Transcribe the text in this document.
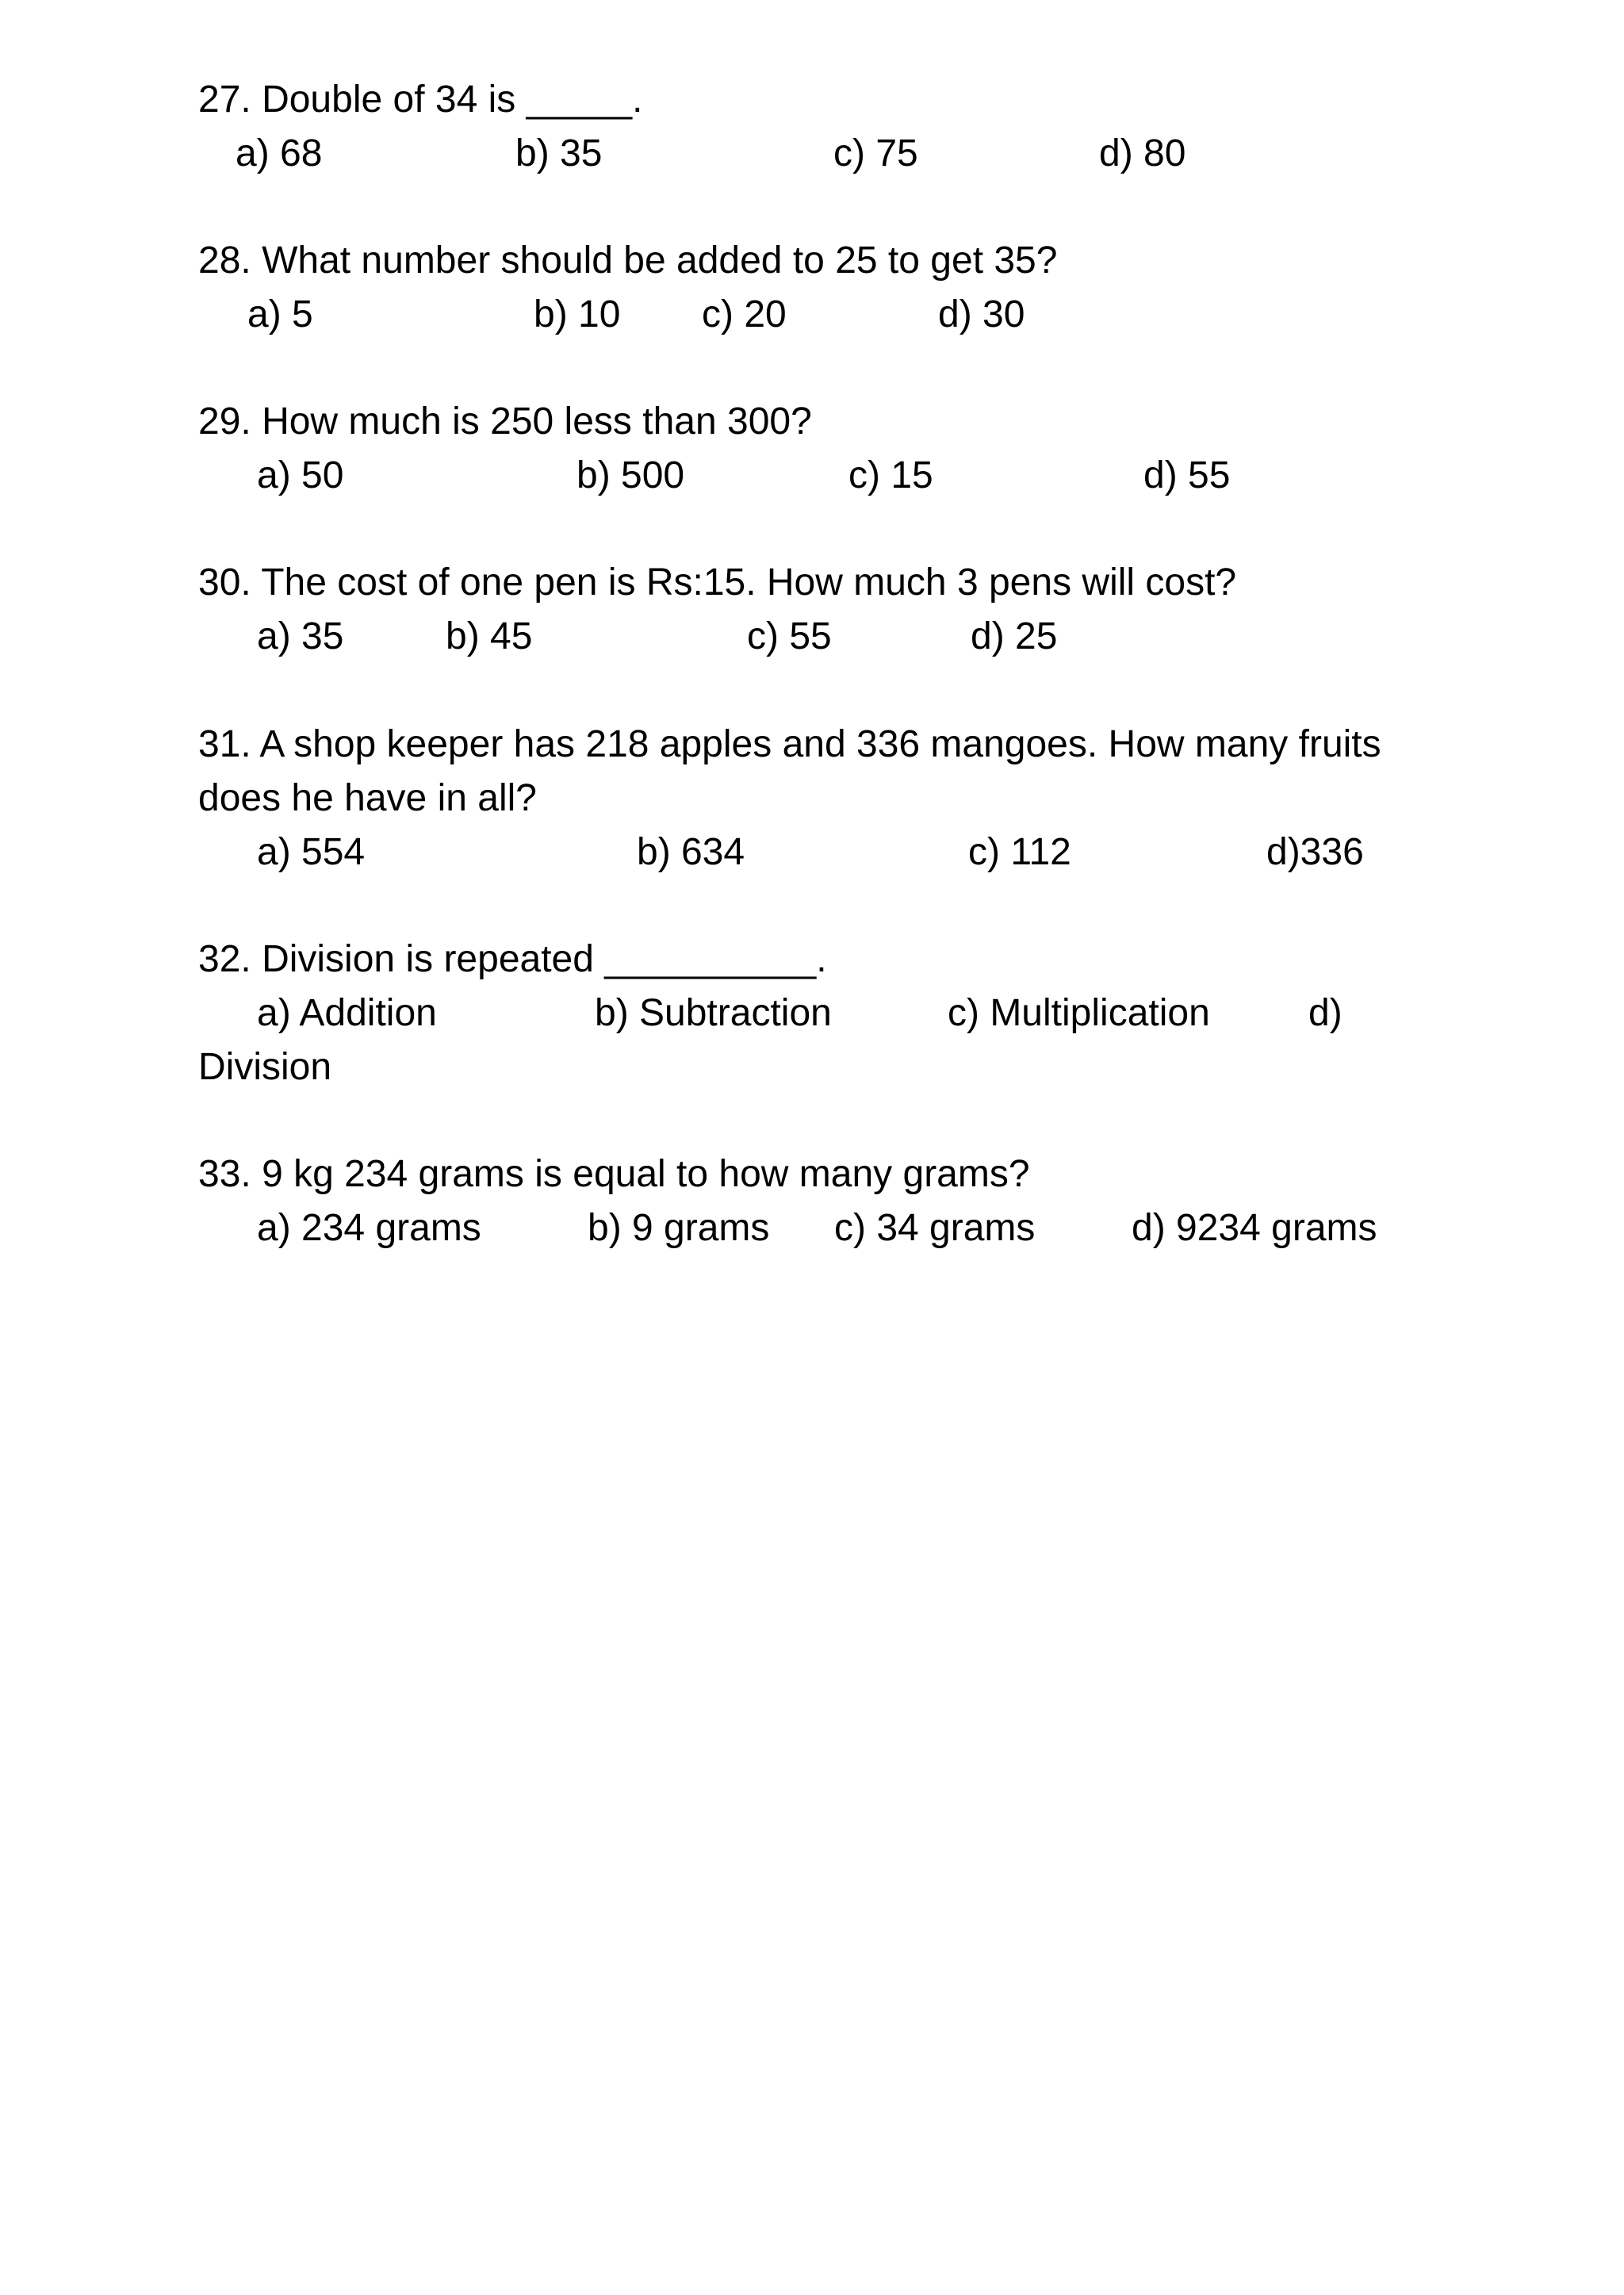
27. Double of 34 is _____.
a) 68	b) 35	c) 75	d) 80
28. What number should be added to 25 to get 35?
a) 5	b) 10 c) 20	d) 30
29. How much is 250 less than 300?
a) 50	b) 500	c) 15	d) 55
30. The cost of one pen is Rs:15. How much 3 pens will cost?
a) 35	b) 45	c) 55	d) 25
31. A shop keeper has 218 apples and 336 mangoes. How many fruits
does he have in all?
a) 554	b) 634	c) 112	d)336
32. Division is repeated __________.
a) Addition	b) Subtraction	c) Multiplication	d)
Division
33. 9 kg 234 grams is equal to how many grams?
a) 234 grams	b) 9 grams c) 34 grams	d) 9234 grams
